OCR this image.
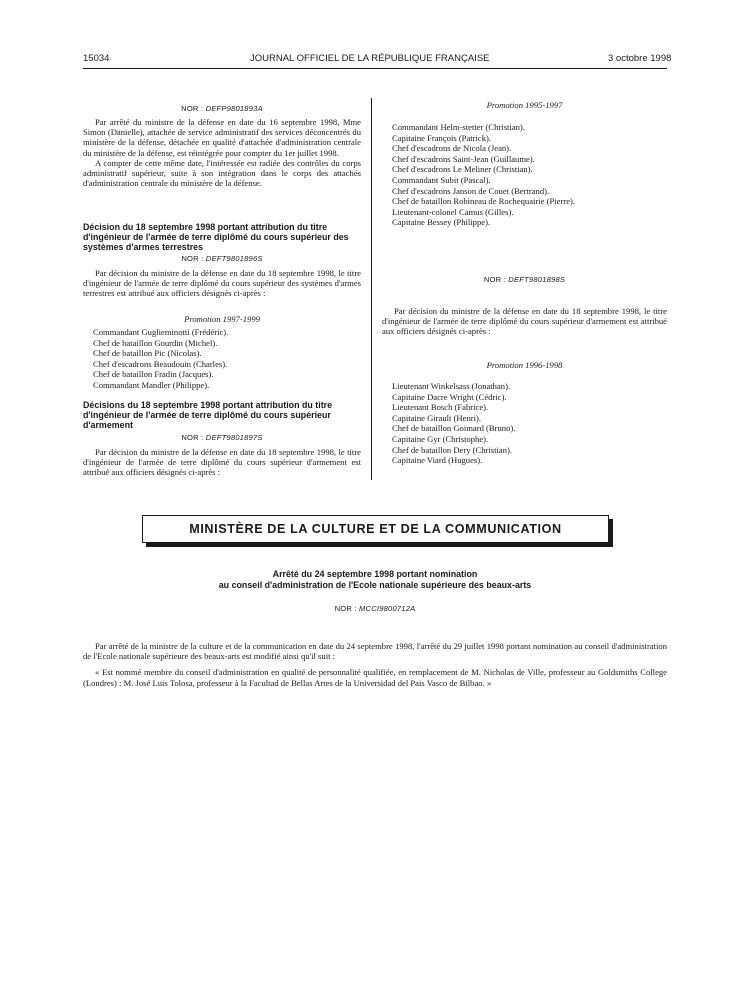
15034	JOURNAL OFFICIEL DE LA RÉPUBLIQUE FRANÇAISE	3 octobre 1998
NOR : DEFP9801893A

Par arrêté du ministre de la défense en date du 16 septembre 1998, Mme Simon (Danielle), attachée de service administratif des services déconcentrés du ministère de la défense, détachée en qualité d'attachée d'administration centrale du ministère de la défense, est réintégrée pour compter du 1er juillet 1998.

A compter de cette même date, l'intéressée est radiée des contrôles du corps administratif supérieur, suite à son intégration dans le corps des attachés d'administration centrale du ministère de la défense.

Décision du 18 septembre 1998 portant attribution du titre d'ingénieur de l'armée de terre diplômé du cours supérieur des systèmes d'armes terrestres
NOR : DEFT9801896S

Par décision du ministre de la défense en date du 18 septembre 1998, le titre d'ingénieur de l'armée de terre diplômé du cours supérieur des systèmes d'armes terrestres est attribué aux officiers désignés ci-après :

Promotion 1997-1999
Commandant Guglieminotti (Frédéric).
Chef de bataillon Gourdin (Michel).
Chef de bataillon Pic (Nicolas).
Chef d'escadrons Beaudouin (Charles).
Chef de bataillon Fradin (Jacques).
Commandant Mandler (Philippe).
Décisions du 18 septembre 1998 portant attribution du titre d'ingénieur de l'armée de terre diplômé du cours supérieur d'armement
NOR : DEFT9801897S

Par décision du ministre de la défense en date du 18 septembre 1998, le titre d'ingénieur de l'armée de terre diplômé du cours supérieur d'armement est attribué aux officiers désignés ci-après :

Promotion 1995-1997
Commandant Helm-stetter (Christian).
Capitaine François (Patrick).
Chef d'escadrons de Nicola (Jean).
Chef d'escadrons Saint-Jean (Guillaume).
Chef d'escadrons Le Meliner (Christian).
Commandant Subit (Pascal).
Chef d'escadrons Janson de Couet (Bertrand).
Chef de bataillon Robineau de Rochequairie (Pierre).
Lieutenant-colonel Camus (Gilles).
Capitaine Bessey (Philippe).
NOR : DEFT9801898S

Par décision du ministre de la défense en date du 18 septembre 1998, le titre d'ingénieur de l'armée de terre diplômé du cours supérieur d'armement est attribué aux officiers désignés ci-après :

Promotion 1996-1998
Lieutenant Winkelsass (Jonathan).
Capitaine Dacre Wright (Cédric).
Lieutenant Bosch (Fabrice).
Capitaine Girault (Henri).
Chef de bataillon Goimard (Bruno).
Capitaine Gyr (Christophe).
Chef de bataillon Dery (Christian).
Capitaine Viard (Hugues).
MINISTÈRE DE LA CULTURE ET DE LA COMMUNICATION
Arrêté du 24 septembre 1998 portant nomination
au conseil d'administration de l'Ecole nationale supérieure des beaux-arts
NOR : MCCI9800712A

Par arrêté de la ministre de la culture et de la communication en date du 24 septembre 1998, l'arrêté du 29 juillet 1998 portant nomination au conseil d'administration de l'Ecole nationale supérieure des beaux-arts est modifié ainsi qu'il suit :

« Est nommé membre du conseil d'administration en qualité de personnalité qualifiée, en remplacement de M. Nicholas de Ville, professeur au Goldsmiths College (Londres) : M. José Luis Tolosa, professeur à la Facultad de Bellas Artes de la Universidad del Pais Vasco de Bilbao. »
